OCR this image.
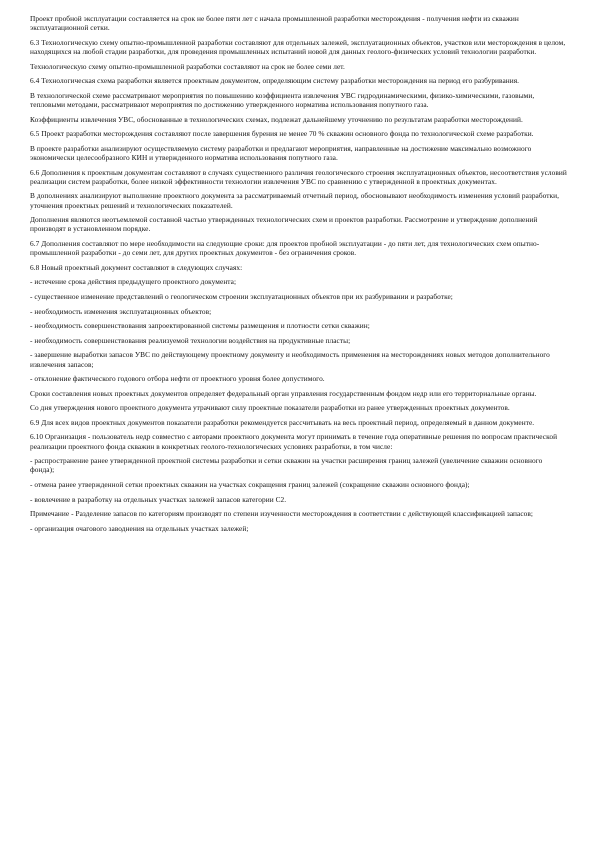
Проект пробной эксплуатации составляется на срок не более пяти лет с начала промышленной разработки месторождения - получения нефти из скважин эксплуатационной сетки.

6.3 Технологическую схему опытно-промышленной разработки составляют для отдельных залежей, эксплуатационных объектов, участков или месторождения в целом, находящихся на любой стадии разработки, для проведения промышленных испытаний новой для данных геолого-физических условий технологии разработки.

Технологическую схему опытно-промышленной разработки составляют на срок не более семи лет.

6.4 Технологическая схема разработки является проектным документом, определяющим систему разработки месторождения на период его разбуривания.

В технологической схеме рассматривают мероприятия по повышению коэффициента извлечения УВС гидродинамическими, физико-химическими, газовыми, тепловыми методами, рассматривают мероприятия по достижению утвержденного норматива использования попутного газа.

Коэффициенты извлечения УВС, обоснованные в технологических схемах, подлежат дальнейшему уточнению по результатам разработки месторождений.

6.5 Проект разработки месторождения составляют после завершения бурения не менее 70 % скважин основного фонда по технологической схеме разработки.

В проекте разработки анализируют осуществляемую систему разработки и предлагают мероприятия, направленные на достижение максимально возможного экономически целесообразного КИН и утвержденного норматива использования попутного газа.

6.6 Дополнения к проектным документам составляют в случаях существенного различия геологического строения эксплуатационных объектов, несоответствия условий реализации систем разработки, более низкой эффективности технологии извлечения УВС по сравнению с утвержденной в проектных документах.

В дополнениях анализируют выполнение проектного документа за рассматриваемый отчетный период, обосновывают необходимость изменения условий разработки, уточнения проектных решений и технологических показателей.

Дополнения являются неотъемлемой составной частью утвержденных технологических схем и проектов разработки. Рассмотрение и утверждение дополнений производят в установленном порядке.

6.7 Дополнения составляют по мере необходимости на следующие сроки: для проектов пробной эксплуатации - до пяти лет, для технологических схем опытно-промышленной разработки - до семи лет, для других проектных документов - без ограничения сроков.

6.8 Новый проектный документ составляют в следующих случаях:

- истечение срока действия предыдущего проектного документа;

- существенное изменение представлений о геологическом строении эксплуатационных объектов при их разбуривании и разработке;

- необходимость изменения эксплуатационных объектов;

- необходимость совершенствования запроектированной системы размещения и плотности сетки скважин;

- необходимость совершенствования реализуемой технологии воздействия на продуктивные пласты;

- завершение выработки запасов УВС по действующему проектному документу и необходимость применения на месторождениях новых методов дополнительного извлечения запасов;

- отклонение фактического годового отбора нефти от проектного уровня более допустимого.

Сроки составления новых проектных документов определяет федеральный орган управления государственным фондом недр или его территориальные органы.

Со дня утверждения нового проектного документа утрачивают силу проектные показатели разработки из ранее утвержденных проектных документов.

6.9 Для всех видов проектных документов показатели разработки рекомендуется рассчитывать на весь проектный период, определяемый в данном документе.

6.10 Организация - пользователь недр совместно с авторами проектного документа могут принимать в течение года оперативные решения по вопросам практической реализации проектного фонда скважин в конкретных геолого-технологических условиях разработки, в том числе:

- распространение ранее утвержденной проектной системы разработки и сетки скважин на участки расширения границ залежей (увеличение скважин основного фонда);

- отмена ранее утвержденной сетки проектных скважин на участках сокращения границ залежей (сокращение скважин основного фонда);

- вовлечение в разработку на отдельных участках залежей запасов категории C2.

Примечание - Разделение запасов по категориям производят по степени изученности месторождения в соответствии с действующей классификацией запасов;

- организация очагового заводнения на отдельных участках залежей;
